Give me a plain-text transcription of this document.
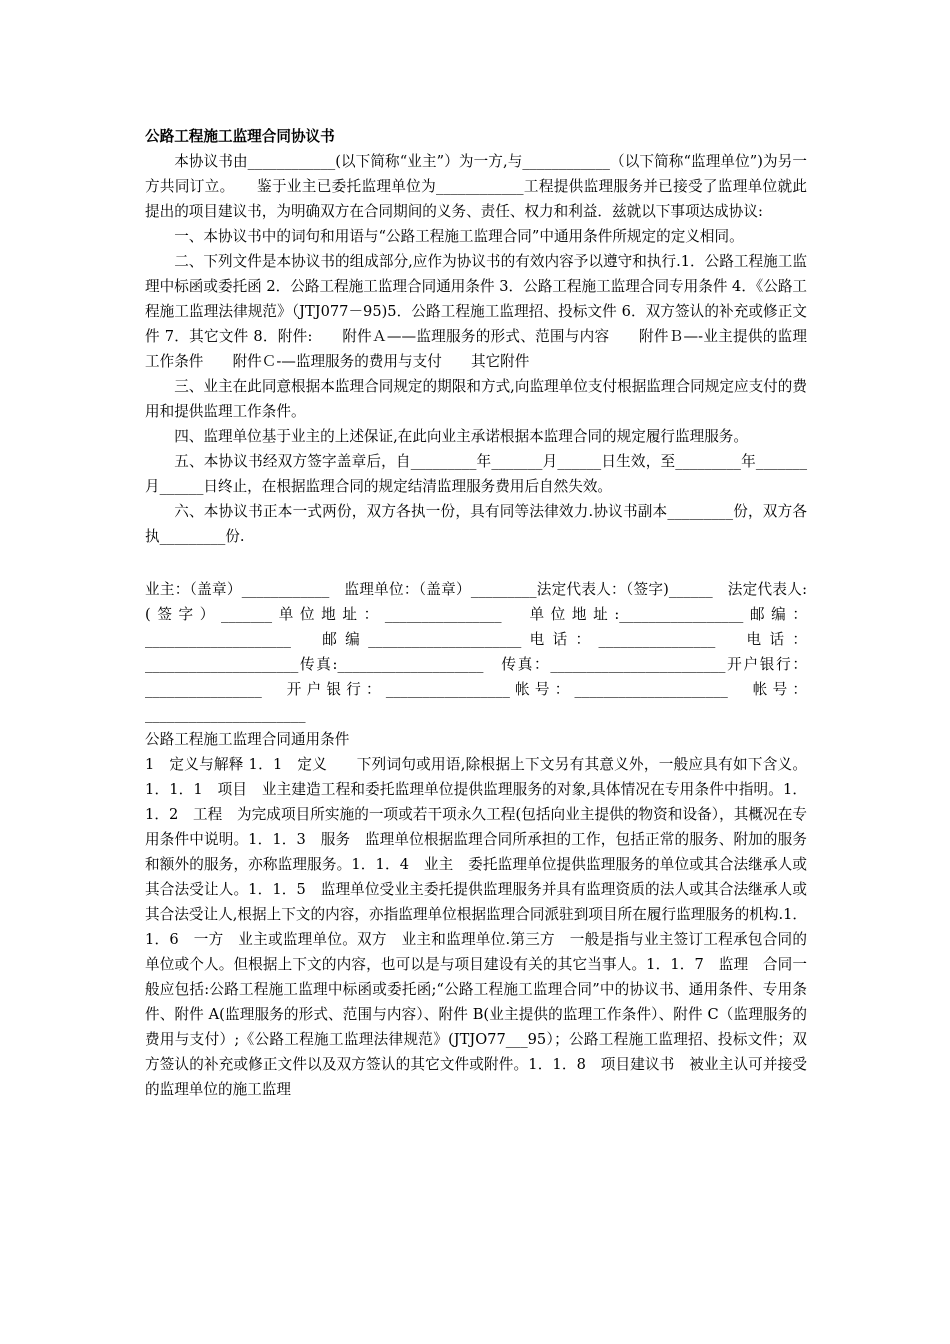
公路工程施工监理合同协议书

本协议书由____________(以下简称“业主”）为一方,与____________（以下简称“监理单位”)为另一方共同订立。　　鉴于业主已委托监理单位为____________工程提供监理服务并已接受了监理单位就此提出的项目建议书，为明确双方在合同期间的义务、责任、权力和利益．兹就以下事项达成协议:

一、本协议书中的词句和用语与“公路工程施工监理合同”中通用条件所规定的定义相同。

二、下列文件是本协议书的组成部分,应作为协议书的有效内容予以遵守和执行.1．公路工程施工监理中标函或委托函 2．公路工程施工监理合同通用条件 3．公路工程施工监理合同专用条件 4．《公路工程施工监理法律规范》（JTJ077－95)5．公路工程施工监理招、投标文件 6．双方签认的补充或修正文件 7．其它文件 8．附件:　　附件Ａ——监理服务的形式、范围与内容　　附件Ｂ—-业主提供的监理工作条件　　附件Ｃ-—监理服务的费用与支付　　其它附件

三、业主在此同意根据本监理合同规定的期限和方式,向监理单位支付根据监理合同规定应支付的费用和提供监理工作条件。

四、监理单位基于业主的上述保证,在此向业主承诺根据本监理合同的规定履行监理服务。

五、本协议书经双方签字盖章后，自_________年_______月______日生效，至_________年_______月______日终止，在根据监理合同的规定结清监理服务费用后自然失效。

六、本协议书正本一式两份，双方各执一份，具有同等法律效力.协议书副本_________份，双方各执_________份.

业主：（盖章）____________　监理单位：（盖章）_________法定代表人：（签字)______　法定代表人:(签字）_______单位地址：________________　单位地址:_________________邮编：____________________　邮编_____________________电话：________________　电话：_____________________传真:____________________　传真：________________________开户银行：________________　开户银行：_________________帐号：_____________________　帐号：______________________

公路工程施工监理合同通用条件

1　定义与解释 1．1　定义　　下列词句或用语,除根据上下文另有其意义外，一般应具有如下含义。1．1．1　项目　业主建造工程和委托监理单位提供监理服务的对象,具体情况在专用条件中指明。1．1．2　工程　为完成项目所实施的一项或若干项永久工程(包括向业主提供的物资和设备），其概况在专用条件中说明。1．1．3　服务　监理单位根据监理合同所承担的工作，包括正常的服务、附加的服务和额外的服务，亦称监理服务。1．1．4　业主　委托监理单位提供监理服务的单位或其合法继承人或其合法受让人。1．1．5　监理单位受业主委托提供监理服务并具有监理资质的法人或其合法继承人或其合法受让人,根据上下文的内容，亦指监理单位根据监理合同派驻到项目所在履行监理服务的机构.1．1．6　一方　业主或监理单位。双方　业主和监理单位.第三方　一般是指与业主签订工程承包合同的单位或个人。但根据上下文的内容，也可以是与项目建设有关的其它当事人。1．1．7　监理　合同一般应包括:公路工程施工监理中标函或委托函;“公路工程施工监理合同”中的协议书、通用条件、专用条件、附件 A(监理服务的形式、范围与内容）、附件 B(业主提供的监理工作条件）、附件 C（监理服务的费用与支付）;《公路工程施工监理法律规范》(JTJO77___95）；公路工程施工监理招、投标文件；双方签认的补充或修正文件以及双方签认的其它文件或附件。1．1．8　项目建议书　被业主认可并接受的监理单位的施工监理
